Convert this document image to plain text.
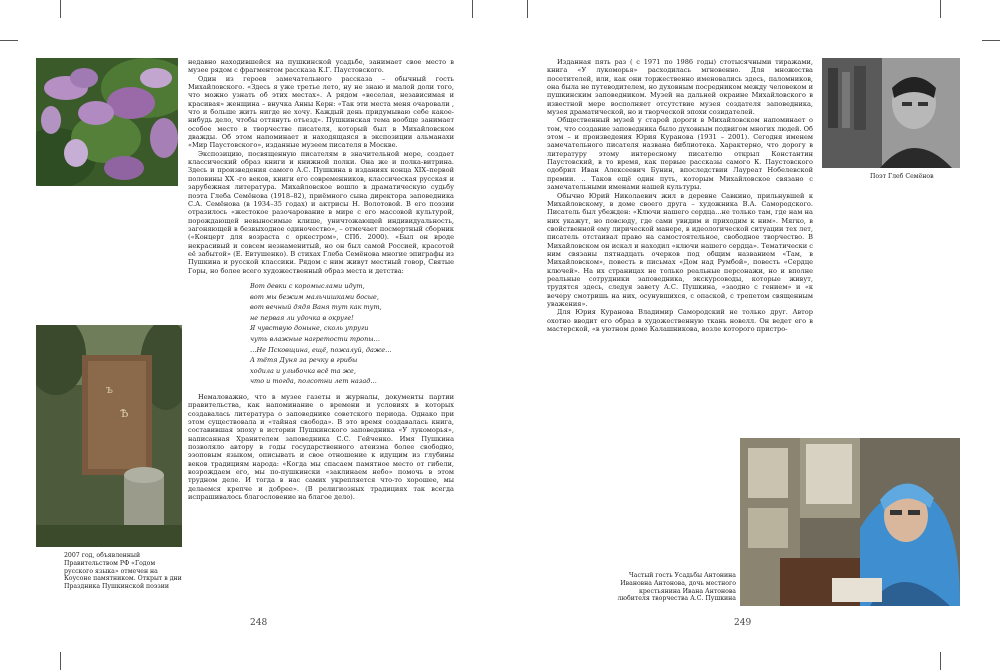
ъ
Ѣ
2007 год, объявленный Правительством РФ «Годом русского языка» отмечен на Коусоне памятником. Открыт в дни Праздника Пушкинской поэзии

недавно находившейся на пушкинской усадьбе, занимает свое место в музее рядом с фрагментом рассказа К.Г. Паустовского.

Один из героев замечательного рассказа – обычный гость Михайловского. «Здесь я уже третье лето, ну не знаю и малой доли того, что можно узнать об этих местах». А рядом «веселая, независимая и красивая» женщина – внучка Анны Керн: «Так эти места меня очаровали , что и больше жить нигде не хочу. Каждый день придумываю себе какое-нибудь дело, чтобы оттянуть отъезд». Пушкинская тема вообще занимает особое место в творчестве писателя, который был в Михайловском дважды. Об этом напоминает и находящаяся в экспозиции альманахи «Мир Паустовского», изданные музеем писателя в Москве.

Экспозицию, посвященную писателям в значительной мере, создает классический образ книги и книжной полки. Она же и полка-витрина. Здесь и произведения самого А.С. Пушкина в изданиях конца XIX–первой половины XX -го веков, книги его современников, классическая русская и зарубежная литература. Михайловское вошло в драматическую судьбу поэта Глеба Семёнова (1918–82), приёмного сына директора заповедника С.А. Семёнова (в 1934–35 годах) и актрисы Н. Волотовой. В его поэзии отразилось «жестокое разочарование в мире с его массовой культурой, порождающей невыносимые клише, уничтожающей индивидуальность, загоняющей в безвыходное одиночество», – отмечает посмертный сборник («Концерт для возраста с оркестром», СПб. 2000). «Был он вроде некрасивый и совсем незнаменитый, но он был самой Россией, красотой её забытой» (Е. Евтушенко). В стихах Глеба Семёнова многие эпиграфы из Пушкина и русской классики. Рядом с ним живут местный говор, Святые Горы, но более всего художественный образ места и детства:

Вот девки с коромыслами идут,
вот мы бежим мальчишками босые,
вот вечный дядя Ваня тут как тут,
не первая ли удочка в округе!
Я чувствую доныне, сколь упруги
чуть влажные нагретости тропы…
…Не Псковщина, ещё, пожалуй, даже…
А тётя Дуня за речку в грибы
ходила и улыбочка всё та же,
что и тогда, полсотни лет назад…

Немаловажно, что в музее газеты и журналы, документы партии правительства, как напоминание о времени и условиях в которых создавалась литература о заповеднике советского периода. Однако при этом существовала и «тайная свобода». В это время создавалась книга, составившая эпоху в истории Пушкинского заповедника «У лукоморья», написанная Хранителем заповедника С.С. Гейченко. Имя Пушкина позволяло автору в годы государственного атеизма более свободно, эзоповым языком, описывать и свое отношение к идущим из глубины веков традициям народа: «Когда мы спасаем памятное место от гибели, возрождаем его, мы по-пушкински «заклинаем небо» помочь в этом трудном деле. И тогда в нас самих укрепляется что-то хорошее, мы делаемся крепче и добрее». (В религиозных традициях так всегда испрашивалось благословение на благое дело).

248

Изданная пять раз ( с 1971 по 1986 годы) стотысячными тиражами, книга «У лукоморья» расходилась мгновенно. Для множества посетителей, или, как они торжественно именовались здесь, паломников, она была не путеводителем, но духовным посредником между человеком и пушкинским заповедником. Музей на дальней окраине Михайловского в известной мере восполняет отсутствие музея создателя заповедника, музея драматической, но и творческой эпохи созидателей.

Общественный музей у старой дороги в Михайловском напоминает о том, что создание заповедника было духовным подвигом многих людей. Об этом – и произведения Юрия Куранова (1931 – 2001). Сегодня именем замечательного писателя названа библиотека. Характерно, что дорогу в литературу этому интересному писателю открыл Константин Паустовский, в то время, как первые рассказы самого К. Паустовского одобрил Иван Алексеевич Бунин, впоследствии Лауреат Нобелевской премии. .. Таков ещё один путь, которым Михайловское связано с замечательными именами нашей культуры.

Обычно Юрий Николаевич жил в деревне Савкино, прильнувшей к Михайловскому, в доме своего друга – художника В.А. Самородского. Писатель был убежден: «Ключи нашего сердца...не только там, где нам на них укажут, но повсюду, где сами увидим и приходим к ним». Мягко, в свойственной ему лирической манере, в идеологической ситуации тех лет, писатель отстаивал право на самостоятельное, свободное творчество. В Михайловском он искал и находил «ключи нашего сердца». Тематически с ним связаны пятнадцать очерков под общим названием «Там, в Михайловском», повесть в письмах «Дом над Румбой», повесть «Сердце ключей». На их страницах не только реальные персонажи, но и вполне реальные сотрудники заповедника, экскурсоводы, которые живут, трудятся здесь, следуя завету А.С. Пушкина, «заодно с гением» и «к вечеру смотришь на них, осунувшихся, с опаской, с трепетом священным уважения».

Для Юрия Куранова Владимир Самородский не только друг. Автор охотно вводит его образ в художественную ткань новелл. Он ведет его в мастерской, «в уютном доме Калашникова, возле которого пристро-

Поэт Глеб Семёнов
Частый гость Усадьбы Антонина Ивановна Антонова, дочь местного крестьянина Ивана Антонова любителя творчества А.С. Пушкина
249
